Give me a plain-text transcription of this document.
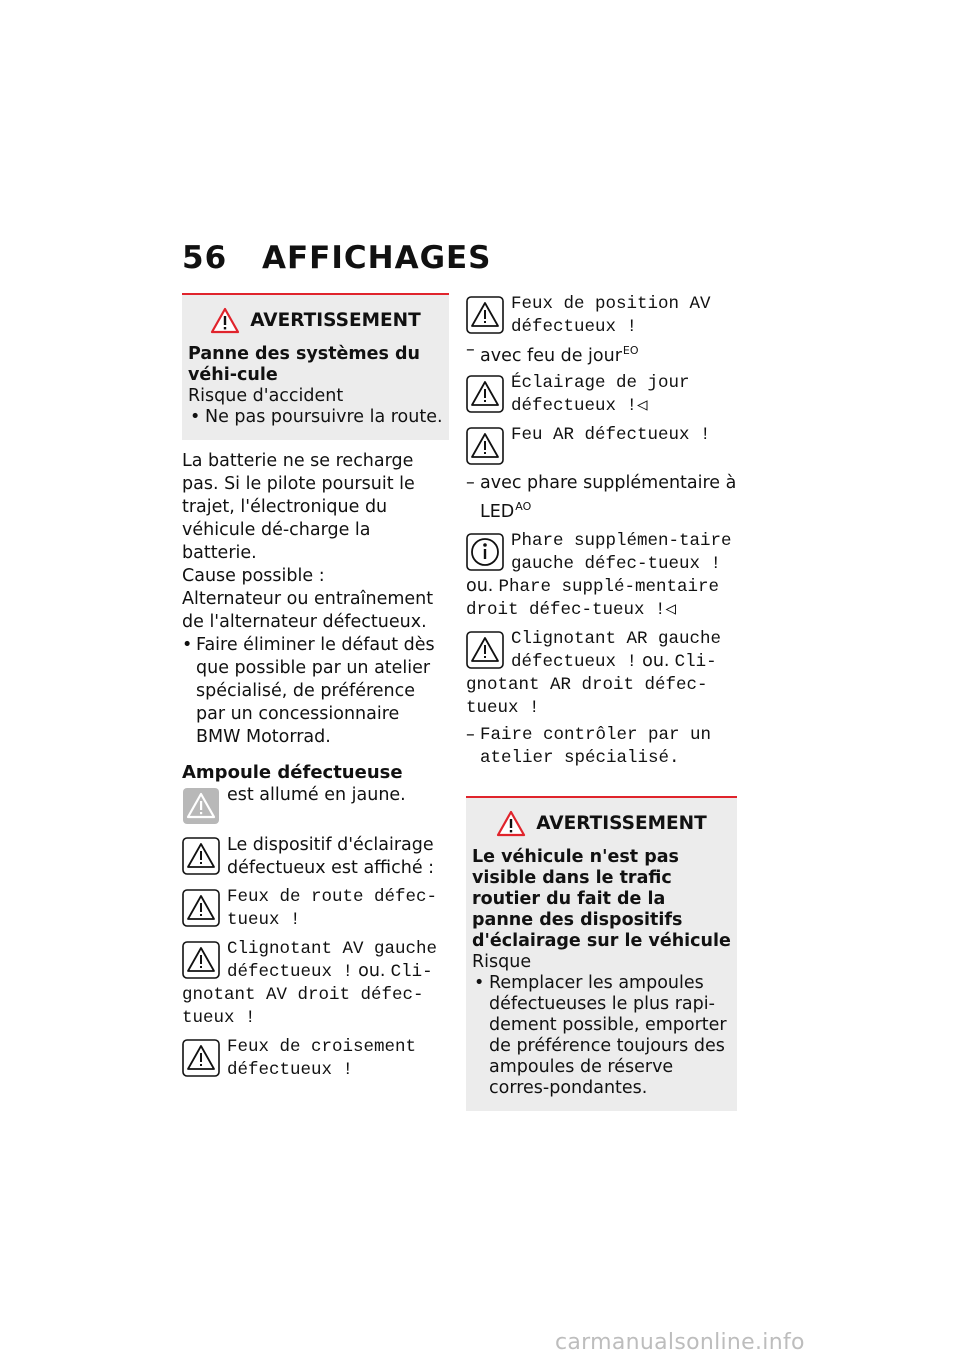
56 AFFICHAGES
AVERTISSEMENT
Panne des systèmes du véhi-cule
Risque d'accident
• Ne pas poursuivre la route.

La batterie ne se recharge pas. Si le pilote poursuit le trajet, l'électronique du véhicule dé-charge la batterie.

Cause possible :

Alternateur ou entraînement de l'alternateur défectueux.

• Faire éliminer le défaut dès que possible par un atelier spécialisé, de préférence par un concessionnaire BMW Motorrad.

Ampoule défectueuse

est allumé en jaune.
Le dispositif d'éclairage défectueux est affiché :
Feux de route défec-tueux !
Clignotant AV gauche défectueux ! ou. Cli-gnotant AV droit défec-tueux !
Feux de croisement défectueux !
Feux de position AV défectueux !

– avec feu de jour$^{EO}$

Éclairage de jour défectueux !◁
Feu AR défectueux !

– avec phare supplémentaire à $LED^{AO}$

Phare supplémen-taire gauche défec-tueux ! ou. Phare supplé-mentaire droit défec-tueux !◁
Clignotant AR gauche défectueux ! ou. Cli-gnotant AR droit défec-tueux !

– Faire contrôler par un atelier spécialisé.

AVERTISSEMENT
Le véhicule n'est pas visible dans le trafic routier du fait de la panne des dispositifs d'éclairage sur le véhicule
Risque
• Remplacer les ampoules défectueuses le plus rapi-dement possible, emporter de préférence toujours des ampoules de réserve corres-pondantes.
carmanualsonline.info
